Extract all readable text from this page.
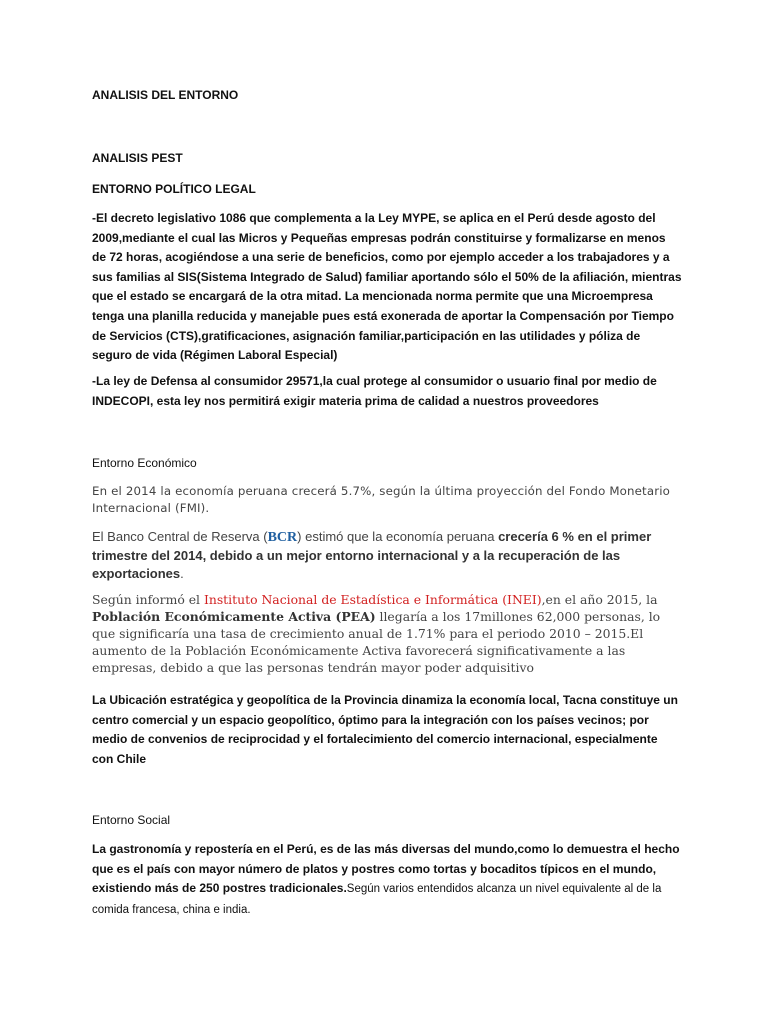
ANALISIS DEL ENTORNO
ANALISIS PEST
ENTORNO POLÍTICO LEGAL

-El decreto legislativo 1086 que complementa a la Ley MYPE, se aplica en el Perú desde agosto del 2009,mediante el cual las Micros y Pequeñas empresas podrán constituirse y formalizarse en menos de 72 horas, acogiéndose a una serie de beneficios, como por ejemplo acceder a los trabajadores y a sus familias al SIS(Sistema Integrado de Salud) familiar aportando sólo el 50% de la afiliación, mientras que el estado se encargará de la otra mitad. La mencionada norma permite que una Microempresa tenga una planilla reducida y manejable pues está exonerada de aportar la Compensación por Tiempo de Servicios (CTS),gratificaciones, asignación familiar,participación en las utilidades y póliza de seguro de vida (Régimen Laboral Especial)

-La ley de Defensa al consumidor 29571,la cual protege al consumidor o usuario final por medio de INDECOPI, esta ley nos permitirá exigir materia prima de calidad a nuestros proveedores

Entorno Económico
En el 2014 la economía peruana crecerá 5.7%, según la última proyección del Fondo Monetario Internacional (FMI).
El Banco Central de Reserva (BCR) estimó que la economía peruana crecería 6 % en el primer trimestre del 2014, debido a un mejor entorno internacional y a la recuperación de las exportaciones.
Según informó el Instituto Nacional de Estadística e Informática (INEI),en el año 2015, la Población Económicamente Activa (PEA) llegaría a los 17millones 62,000 personas, lo que significaría una tasa de crecimiento anual de 1.71% para el periodo 2010 – 2015.El aumento de la Población Económicamente Activa favorecerá significativamente a las empresas, debido a que las personas tendrán mayor poder adquisitivo

La Ubicación estratégica y geopolítica de la Provincia dinamiza la economía local, Tacna constituye un centro comercial y un espacio geopolítico, óptimo para la integración con los países vecinos; por medio de convenios de reciprocidad y el fortalecimiento del comercio internacional, especialmente con Chile

Entorno Social

La gastronomía y repostería en el Perú, es de las más diversas del mundo,como lo demuestra el hecho que es el país con mayor número de platos y postres como tortas y bocaditos típicos en el mundo, existiendo más de 250 postres tradicionales.Según varios entendidos alcanza un nivel equivalente al de la comida francesa, china e india.
